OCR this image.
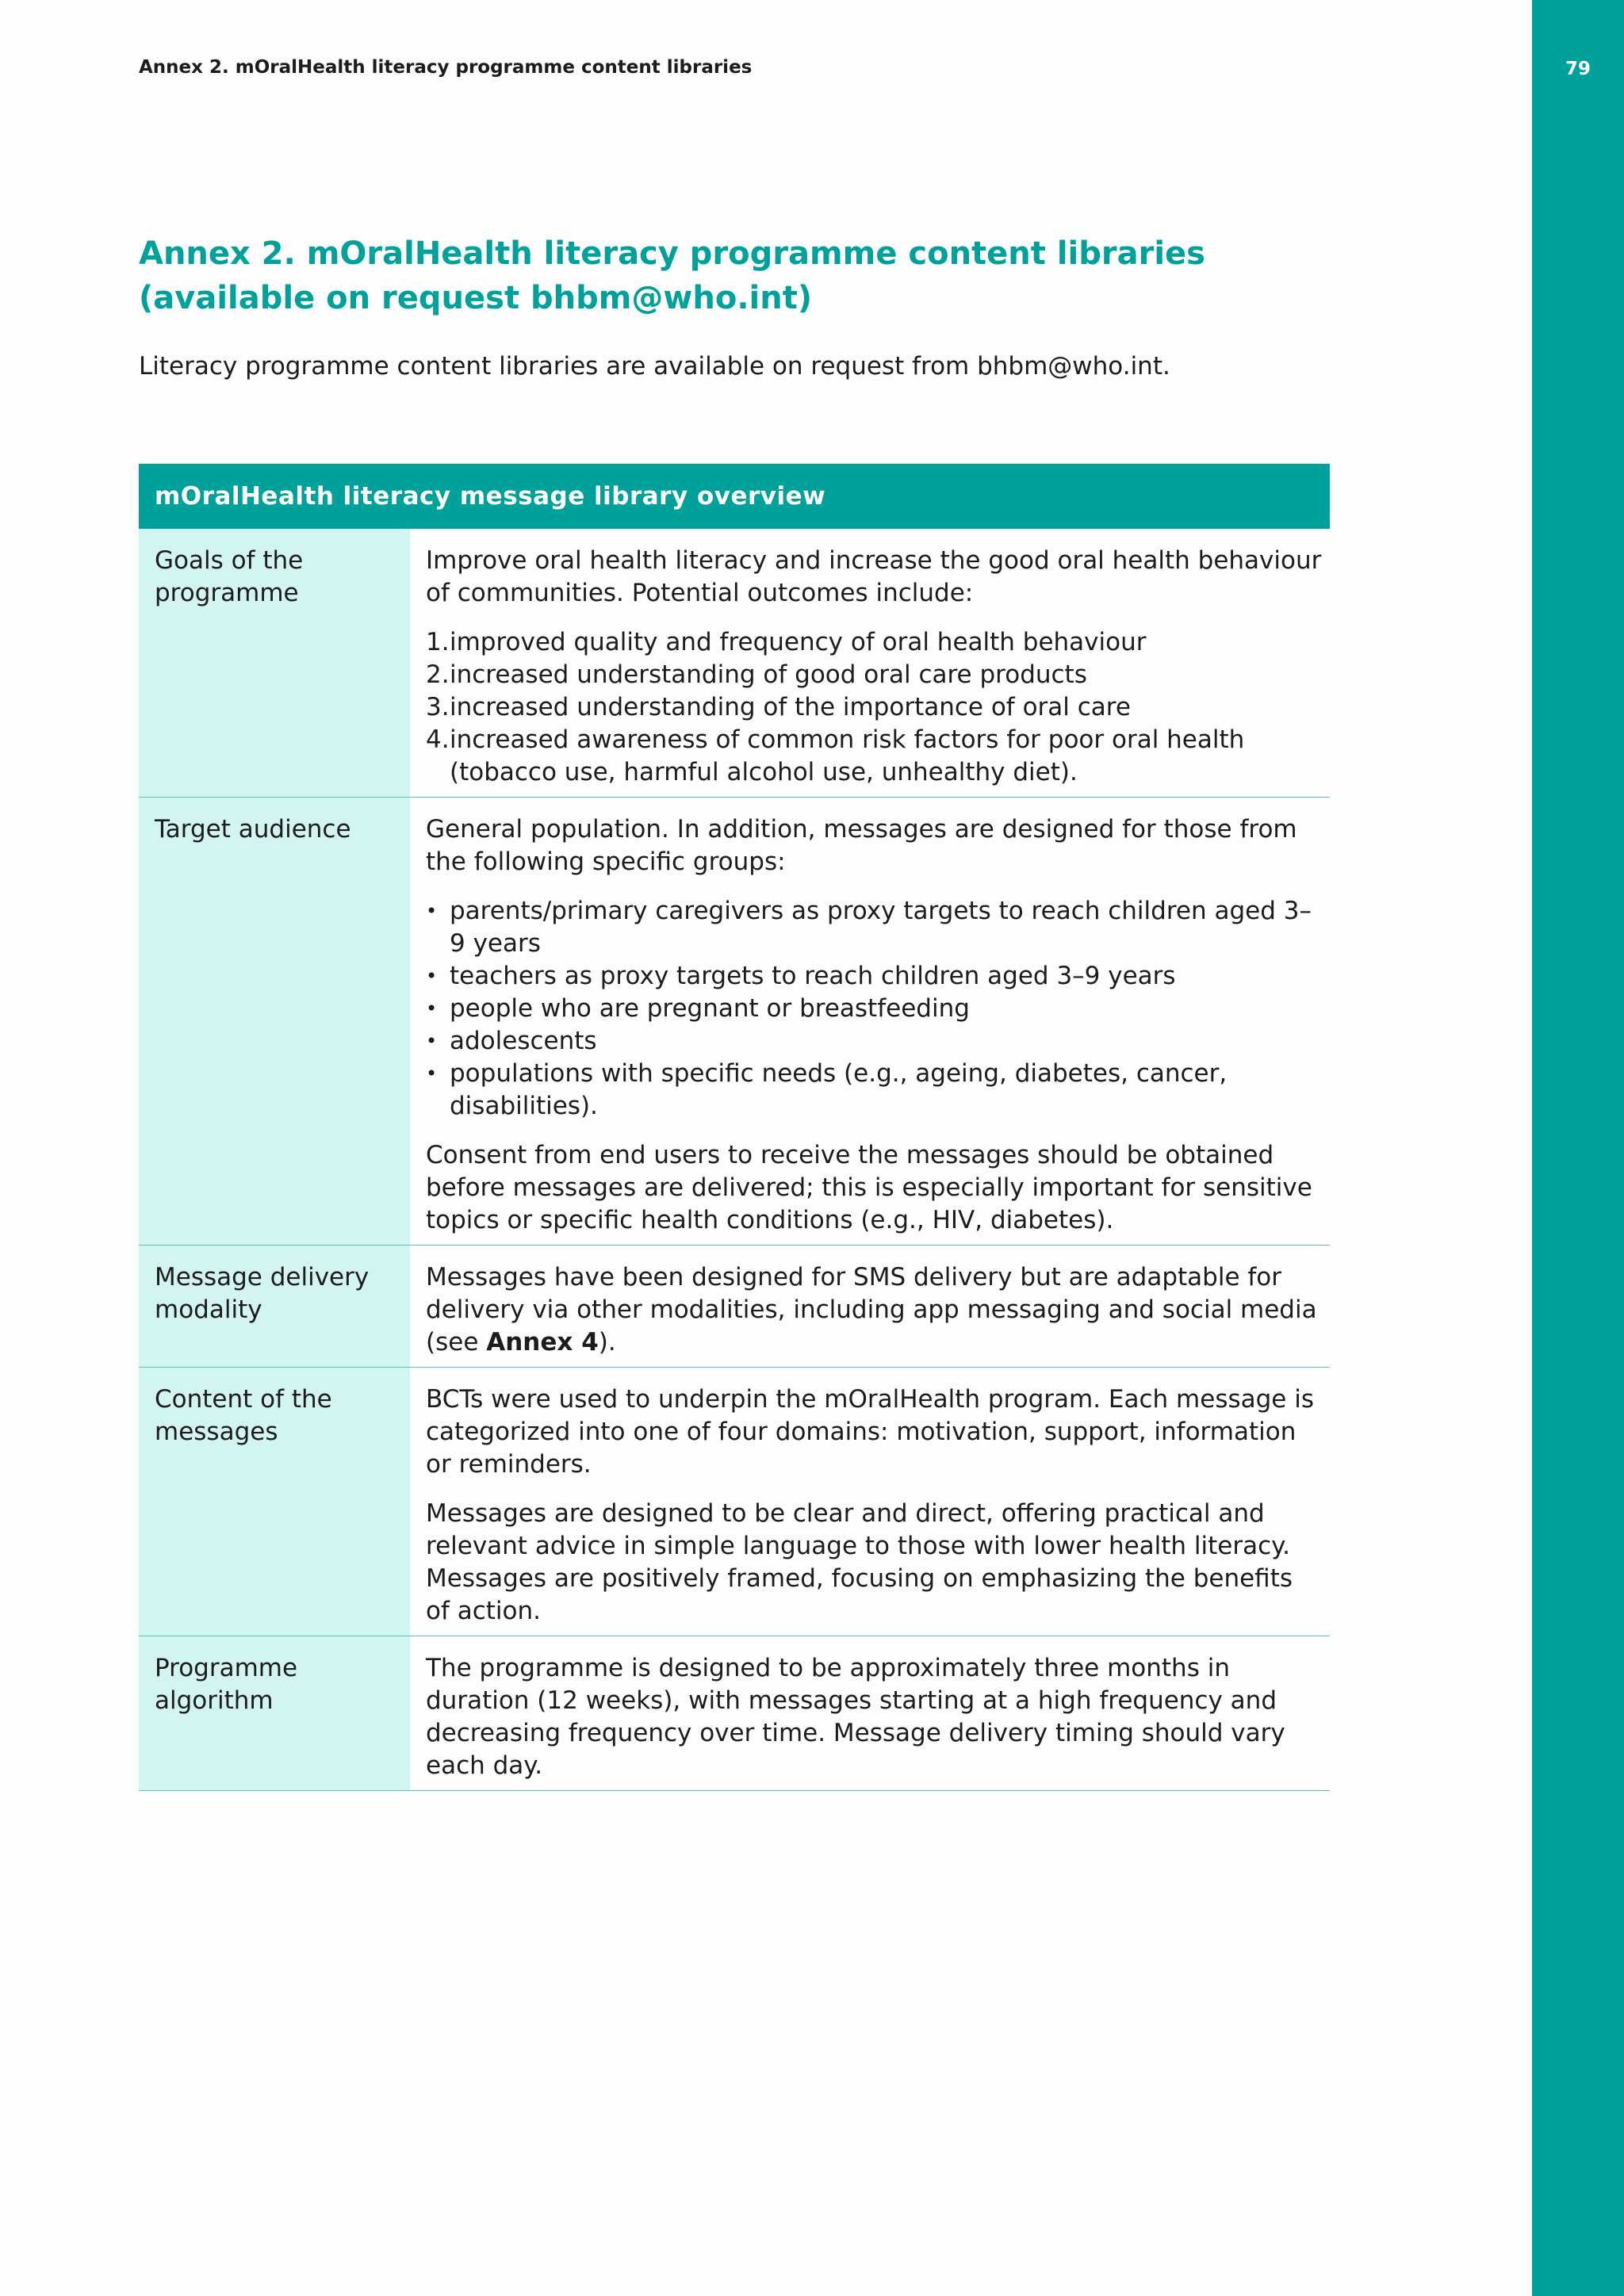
79
Annex 2. mOralHealth literacy programme content libraries
Annex 2. mOralHealth literacy programme content libraries
(available on request bhbm@who.int)

Literacy programme content libraries are available on request from bhbm@who.int.

mOralHealth literacy message library overview
Goals of the programme

Improve oral health literacy and increase the good oral health behaviour of communities. Potential outcomes include:

1. improved quality and frequency of oral health behaviour
2. increased understanding of good oral care products
3. increased understanding of the importance of oral care
4. increased awareness of common risk factors for poor oral health (tobacco use, harmful alcohol use, unhealthy diet).
Target audience	General population. In addition, messages are designed for those from the following specific groups:

• parents/primary caregivers as proxy targets to reach children aged 3–9 years
• teachers as proxy targets to reach children aged 3–9 years
• people who are pregnant or breastfeeding
• adolescents
• populations with specific needs (e.g., ageing, diabetes, cancer, disabilities).

Consent from end users to receive the messages should be obtained before messages are delivered; this is especially important for sensitive topics or specific health conditions (e.g., HIV, diabetes).

Message delivery modality

Messages have been designed for SMS delivery but are adaptable for delivery via other modalities, including app messaging and social media (see Annex 4).

Content of the messages

BCTs were used to underpin the mOralHealth program. Each message is categorized into one of four domains: motivation, support, information or reminders.

Messages are designed to be clear and direct, offering practical and relevant advice in simple language to those with lower health literacy. Messages are positively framed, focusing on emphasizing the benefits of action.

Programme algorithm

The programme is designed to be approximately three months in duration (12 weeks), with messages starting at a high frequency and decreasing frequency over time. Message delivery timing should vary each day.
